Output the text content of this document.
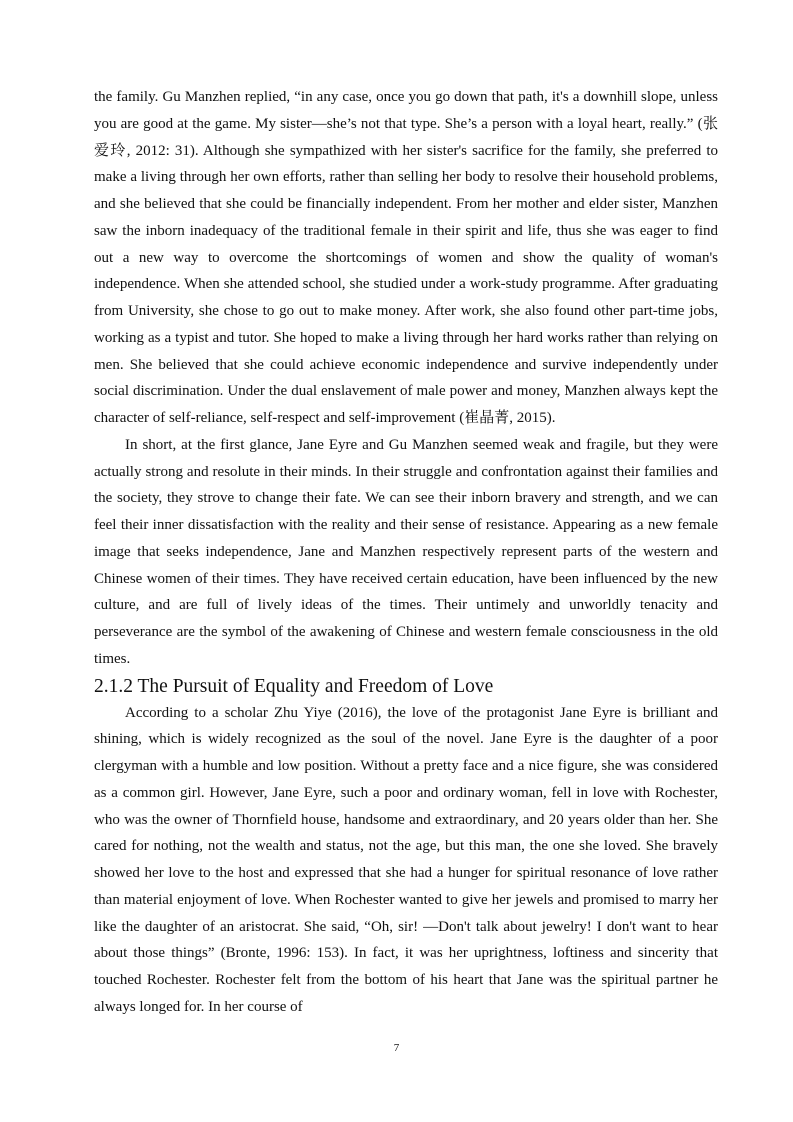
the family. Gu Manzhen replied, “in any case, once you go down that path, it's a downhill slope, unless you are good at the game. My sister—she’s not that type. She’s a person with a loyal heart, really.” (张爱玲, 2012: 31). Although she sympathized with her sister's sacrifice for the family, she preferred to make a living through her own efforts, rather than selling her body to resolve their household problems, and she believed that she could be financially independent. From her mother and elder sister, Manzhen saw the inborn inadequacy of the traditional female in their spirit and life, thus she was eager to find out a new way to overcome the shortcomings of women and show the quality of woman's independence. When she attended school, she studied under a work-study programme. After graduating from University, she chose to go out to make money. After work, she also found other part-time jobs, working as a typist and tutor. She hoped to make a living through her hard works rather than relying on men. She believed that she could achieve economic independence and survive independently under social discrimination. Under the dual enslavement of male power and money, Manzhen always kept the character of self-reliance, self-respect and self-improvement (崔晶菁, 2015).

In short, at the first glance, Jane Eyre and Gu Manzhen seemed weak and fragile, but they were actually strong and resolute in their minds. In their struggle and confrontation against their families and the society, they strove to change their fate. We can see their inborn bravery and strength, and we can feel their inner dissatisfaction with the reality and their sense of resistance. Appearing as a new female image that seeks independence, Jane and Manzhen respectively represent parts of the western and Chinese women of their times. They have received certain education, have been influenced by the new culture, and are full of lively ideas of the times. Their untimely and unworldly tenacity and perseverance are the symbol of the awakening of Chinese and western female consciousness in the old times.

2.1.2 The Pursuit of Equality and Freedom of Love

According to a scholar Zhu Yiye (2016), the love of the protagonist Jane Eyre is brilliant and shining, which is widely recognized as the soul of the novel. Jane Eyre is the daughter of a poor clergyman with a humble and low position. Without a pretty face and a nice figure, she was considered as a common girl. However, Jane Eyre, such a poor and ordinary woman, fell in love with Rochester, who was the owner of Thornfield house, handsome and extraordinary, and 20 years older than her. She cared for nothing, not the wealth and status, not the age, but this man, the one she loved. She bravely showed her love to the host and expressed that she had a hunger for spiritual resonance of love rather than material enjoyment of love. When Rochester wanted to give her jewels and promised to marry her like the daughter of an aristocrat. She said, “Oh, sir! —Don't talk about jewelry! I don't want to hear about those things” (Bronte, 1996: 153). In fact, it was her uprightness, loftiness and sincerity that touched Rochester. Rochester felt from the bottom of his heart that Jane was the spiritual partner he always longed for. In her course of

7
